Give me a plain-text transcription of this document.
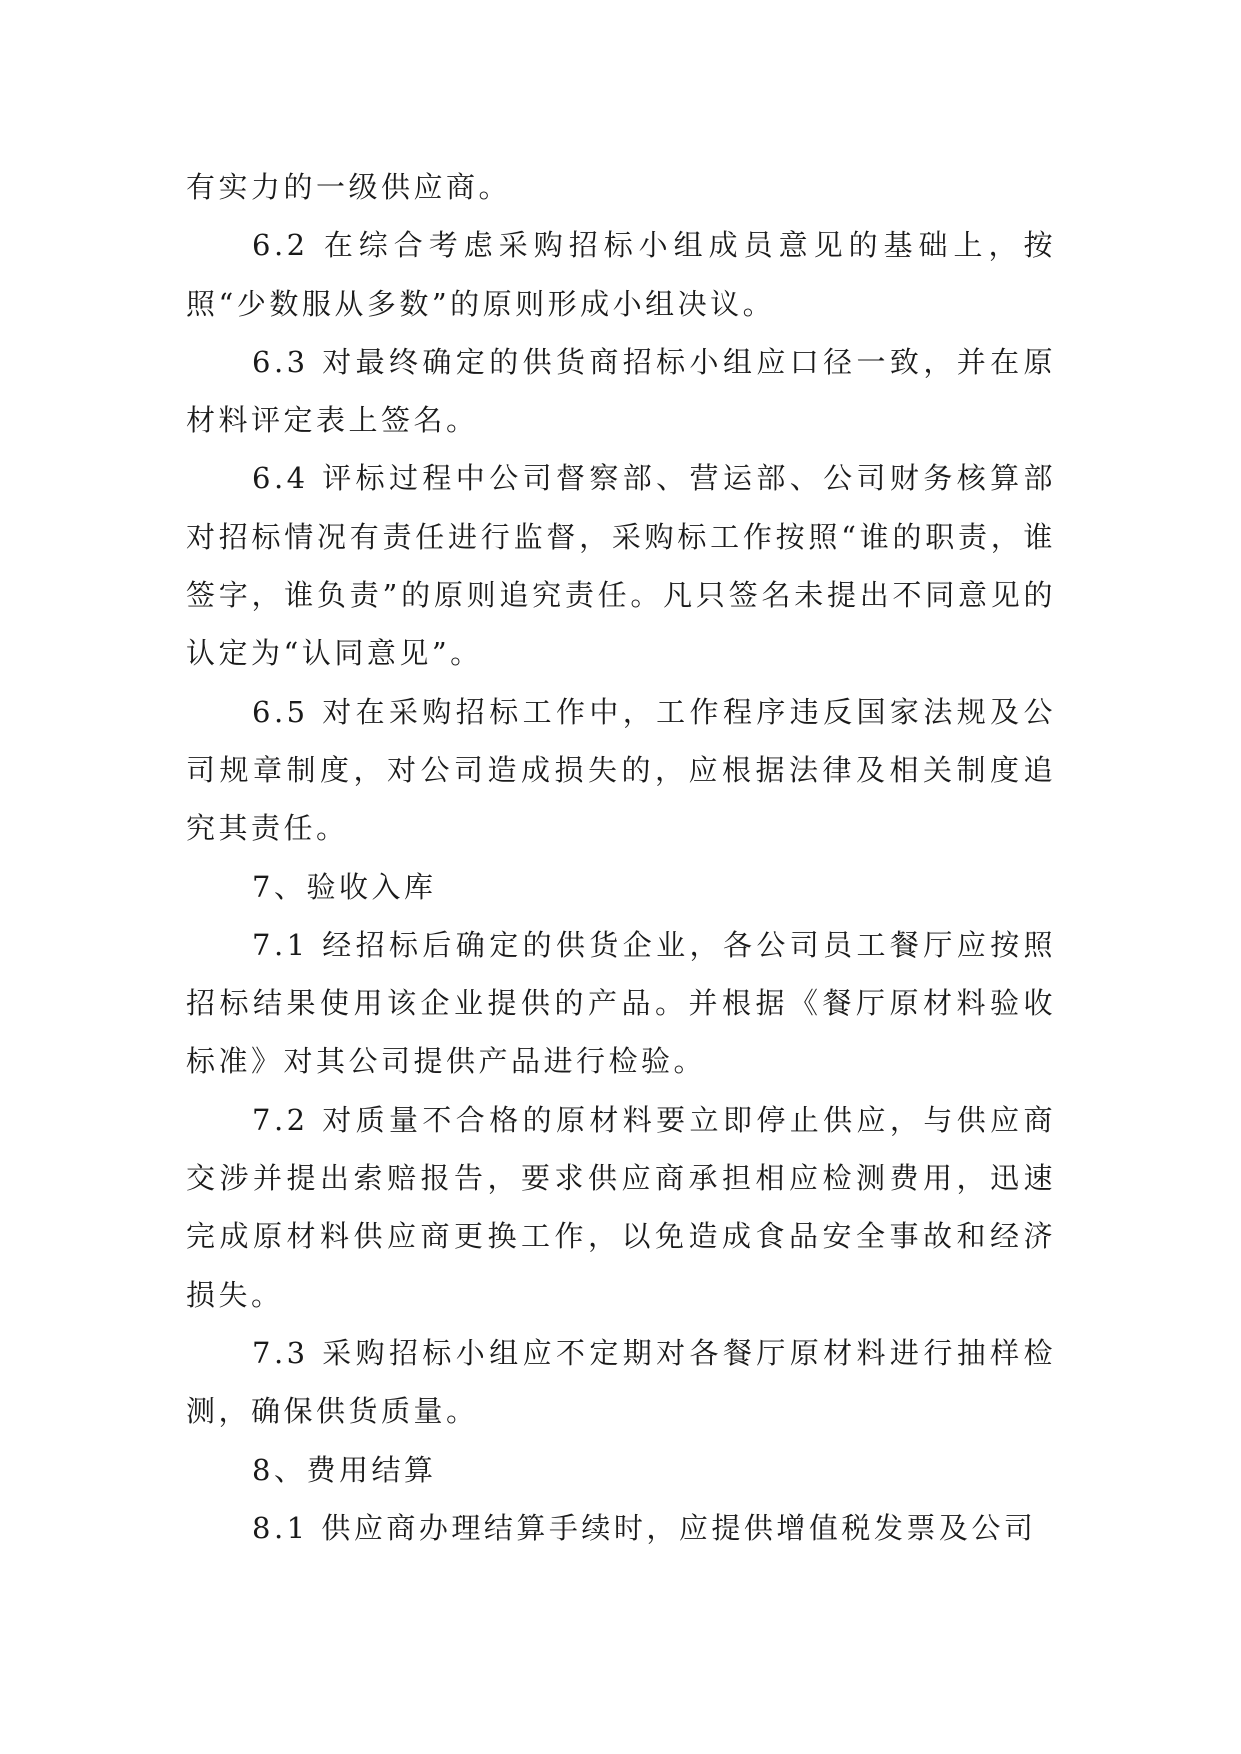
有实力的一级供应商。

6.2 在综合考虑采购招标小组成员意见的基础上，按照“少数服从多数”的原则形成小组决议。

6.3 对最终确定的供货商招标小组应口径一致，并在原材料评定表上签名。

6.4 评标过程中公司督察部、营运部、公司财务核算部对招标情况有责任进行监督，采购标工作按照“谁的职责，谁签字，谁负责”的原则追究责任。凡只签名未提出不同意见的认定为“认同意见”。

6.5 对在采购招标工作中，工作程序违反国家法规及公司规章制度，对公司造成损失的，应根据法律及相关制度追究其责任。

7、验收入库

7.1 经招标后确定的供货企业，各公司员工餐厅应按照招标结果使用该企业提供的产品。并根据《餐厅原材料验收标准》对其公司提供产品进行检验。

7.2 对质量不合格的原材料要立即停止供应，与供应商交涉并提出索赔报告，要求供应商承担相应检测费用，迅速完成原材料供应商更换工作，以免造成食品安全事故和经济损失。

7.3 采购招标小组应不定期对各餐厅原材料进行抽样检测，确保供货质量。

8、费用结算

8.1 供应商办理结算手续时，应提供增值税发票及公司
